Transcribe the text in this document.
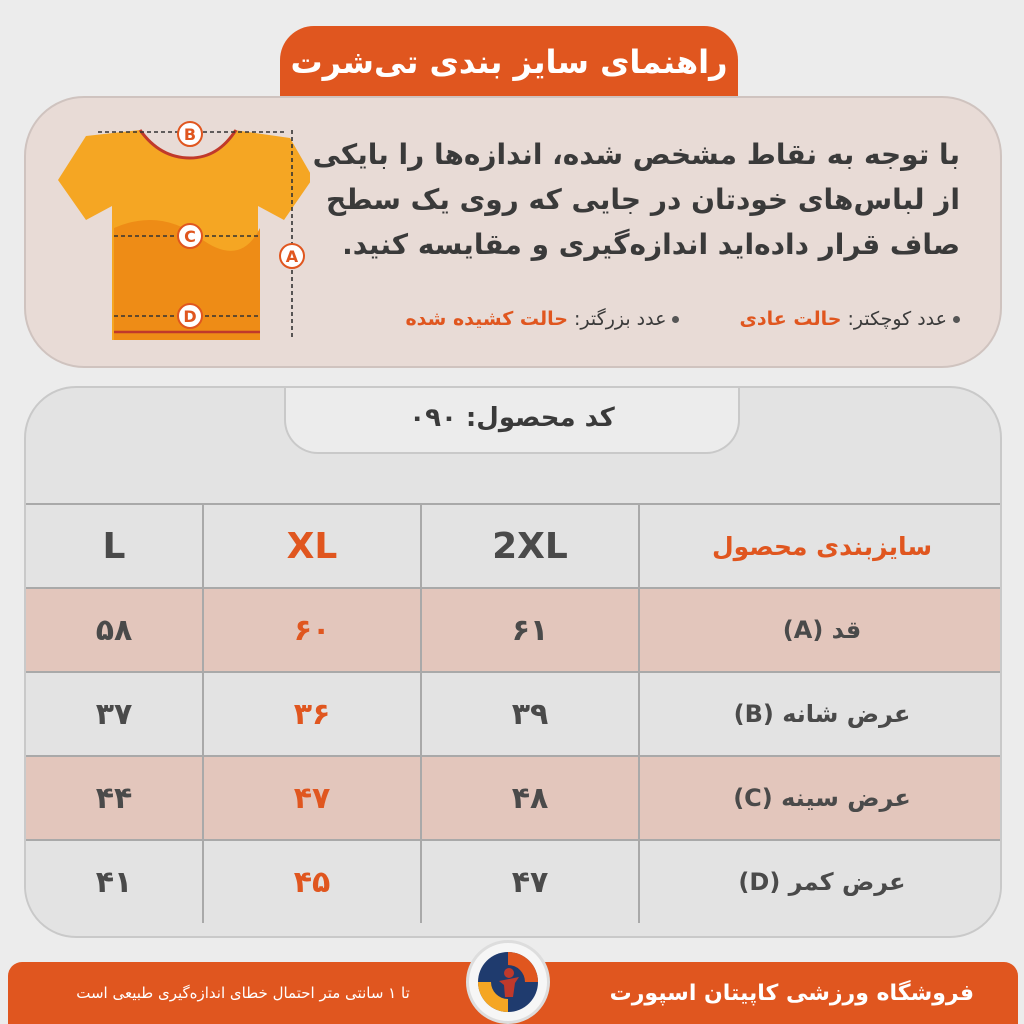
راهنمای سایز بندی تی‌شرت
B
C
D
A
با توجه به نقاط مشخص شده، اندازه‌ها را بایکی
از لباس‌های خودتان در جایی که روی یک سطح
صاف قرار داده‌اید اندازه‌گیری و مقایسه کنید.
عدد کوچکتر: حالت عادی
عدد بزرگتر: حالت کشیده شده
کد محصول: ۰۹۰
L	XL	2XL	سایزبندی محصول
۵۸	۶۰	۶۱	قد (A)
۳۷	۳۶	۳۹	عرض شانه (B)
۴۴	۴۷	۴۸	عرض سینه (C)
۴۱	۴۵	۴۷	عرض کمر (D)
تا ۱ سانتی متر احتمال خطای اندازه‌گیری طبیعی است	فروشگاه ورزشی کاپیتان اسپورت
